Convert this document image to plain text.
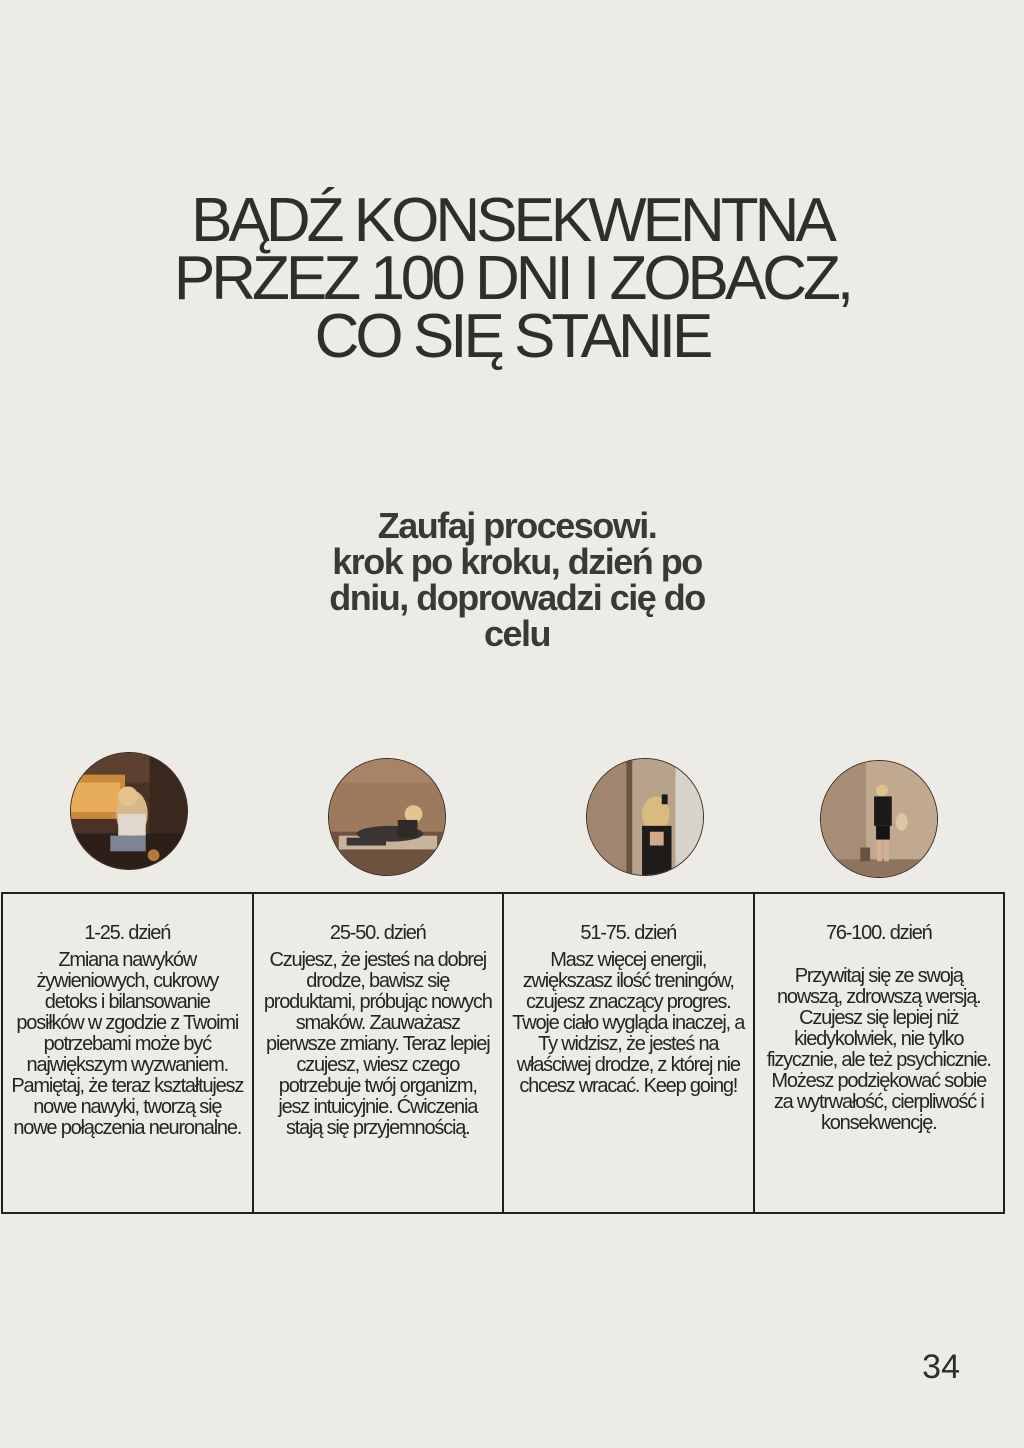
BĄDŹ KONSEKWENTNA
PRZEZ 100 DNI I ZOBACZ,
CO SIĘ STANIE
Zaufaj procesowi.
krok po kroku, dzień po
dniu, doprowadzi cię do
celu
1-25. dzień
Zmiana nawyków żywieniowych, cukrowy detoks i bilansowanie posiłków w zgodzie z Twoimi potrzebami może być największym wyzwaniem. Pamiętaj, że teraz kształtujesz nowe nawyki, tworzą się nowe połączenia neuronalne.
25-50. dzień
Czujesz, że jesteś na dobrej drodze, bawisz się produktami, próbując nowych smaków. Zauważasz pierwsze zmiany. Teraz lepiej czujesz, wiesz czego potrzebuje twój organizm, jesz intuicyjnie. Ćwiczenia stają się przyjemnością.
51-75. dzień
Masz więcej energii, zwiększasz ilość treningów, czujesz znaczący progres. Twoje ciało wygląda inaczej, a Ty widzisz, że jesteś na właściwej drodze, z której nie chcesz wracać. Keep going!
76-100. dzień
Przywitaj się ze swoją nowszą, zdrowszą wersją. Czujesz się lepiej niż kiedykolwiek, nie tylko fizycznie, ale też psychicznie. Możesz podziękować sobie za wytrwałość, cierpliwość i konsekwencję.

34
